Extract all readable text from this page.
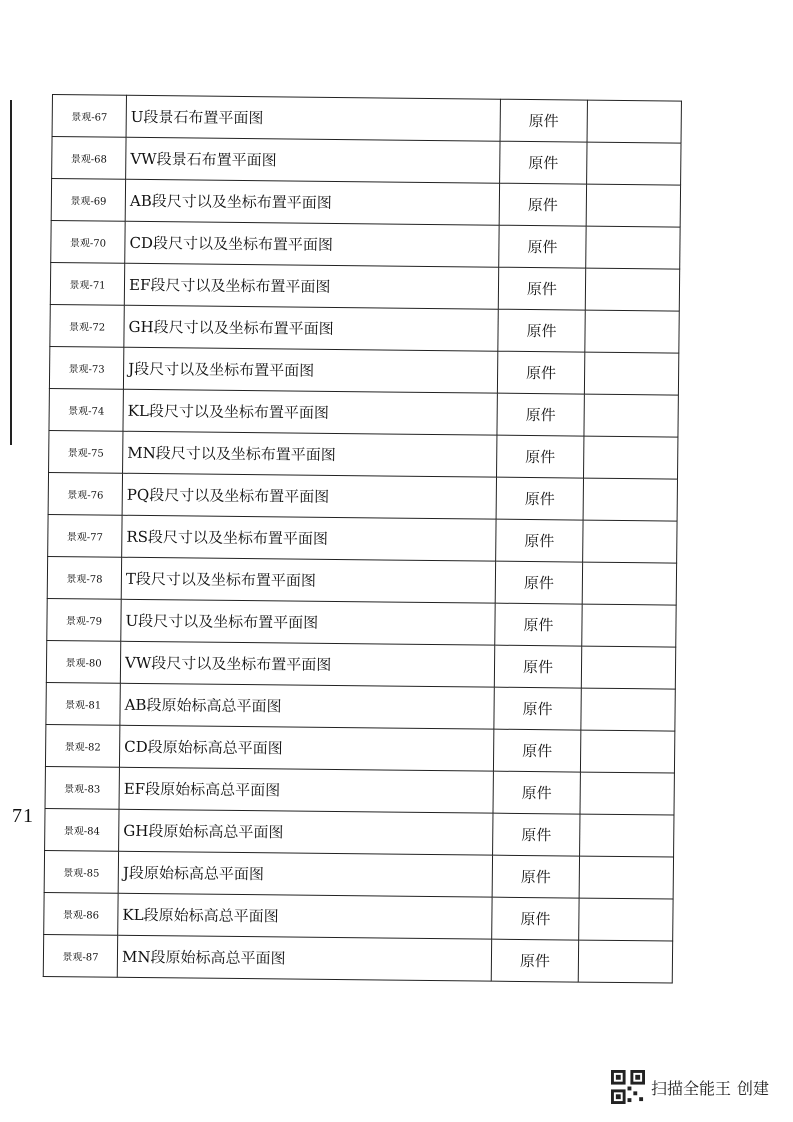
71
景观-67	U段景石布置平面图	原件	
景观-68	VW段景石布置平面图	原件	
景观-69	AB段尺寸以及坐标布置平面图	原件	
景观-70	CD段尺寸以及坐标布置平面图	原件	
景观-71	EF段尺寸以及坐标布置平面图	原件	
景观-72	GH段尺寸以及坐标布置平面图	原件	
景观-73	J段尺寸以及坐标布置平面图	原件	
景观-74	KL段尺寸以及坐标布置平面图	原件	
景观-75	MN段尺寸以及坐标布置平面图	原件	
景观-76	PQ段尺寸以及坐标布置平面图	原件	
景观-77	RS段尺寸以及坐标布置平面图	原件	
景观-78	T段尺寸以及坐标布置平面图	原件	
景观-79	U段尺寸以及坐标布置平面图	原件	
景观-80	VW段尺寸以及坐标布置平面图	原件	
景观-81	AB段原始标高总平面图	原件	
景观-82	CD段原始标高总平面图	原件	
景观-83	EF段原始标高总平面图	原件	
景观-84	GH段原始标高总平面图	原件	
景观-85	J段原始标高总平面图	原件	
景观-86	KL段原始标高总平面图	原件	
景观-87	MN段原始标高总平面图	原件	
扫描全能王 创建
